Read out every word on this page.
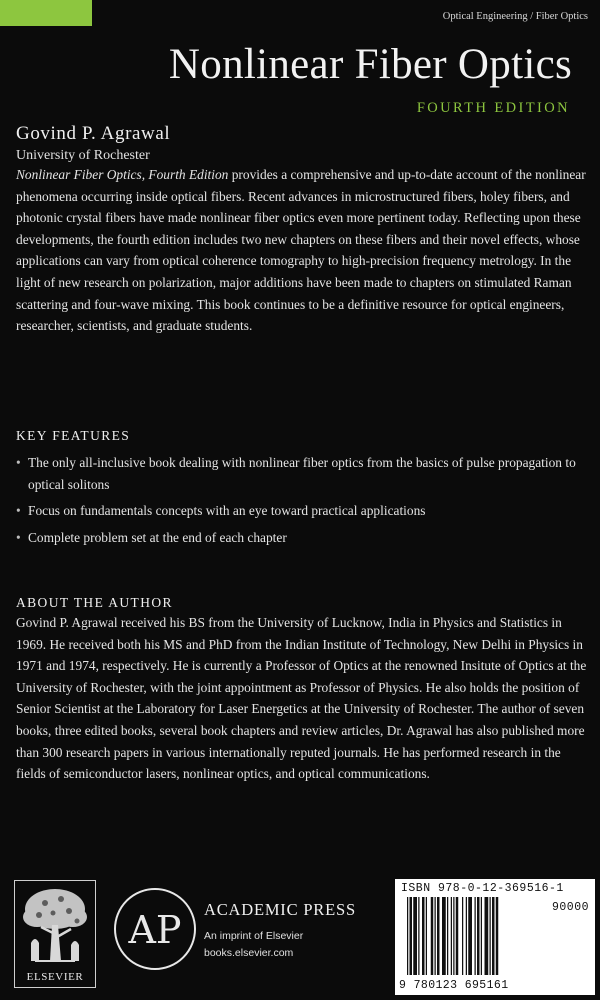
Optical Engineering / Fiber Optics
Nonlinear Fiber Optics
FOURTH EDITION
Govind P. Agrawal
University of Rochester

Nonlinear Fiber Optics, Fourth Edition provides a comprehensive and up-to-date account of the nonlinear phenomena occurring inside optical fibers. Recent advances in microstructured fibers, holey fibers, and photonic crystal fibers have made nonlinear fiber optics even more pertinent today. Reflecting upon these developments, the fourth edition includes two new chapters on these fibers and their novel effects, whose applications can vary from optical coherence tomography to high-precision frequency metrology. In the light of new research on polarization, major additions have been made to chapters on stimulated Raman scattering and four-wave mixing. This book continues to be a definitive resource for optical engineers, researcher, scientists, and graduate students.

KEY FEATURES
• The only all-inclusive book dealing with nonlinear fiber optics from the basics of pulse propagation to optical solitons
• Focus on fundamentals concepts with an eye toward practical applications
• Complete problem set at the end of each chapter
ABOUT THE AUTHOR

Govind P. Agrawal received his BS from the University of Lucknow, India in Physics and Statistics in 1969. He received both his MS and PhD from the Indian Institute of Technology, New Delhi in Physics in 1971 and 1974, respectively. He is currently a Professor of Optics at the renowned Insitute of Optics at the University of Rochester, with the joint appointment as Professor of Physics. He also holds the position of Senior Scientist at the Laboratory for Laser Energetics at the University of Rochester. The author of seven books, three edited books, several book chapters and review articles, Dr. Agrawal has also published more than 300 research papers in various internationally reputed journals. He has performed research in the fields of semiconductor lasers, nonlinear optics, and optical communications.

ELSEVIER
AP ACADEMIC PRESS
An imprint of Elsevier
books.elsevier.com
ISBN 978-0-12-369516-1
90000
9 780123 695161
